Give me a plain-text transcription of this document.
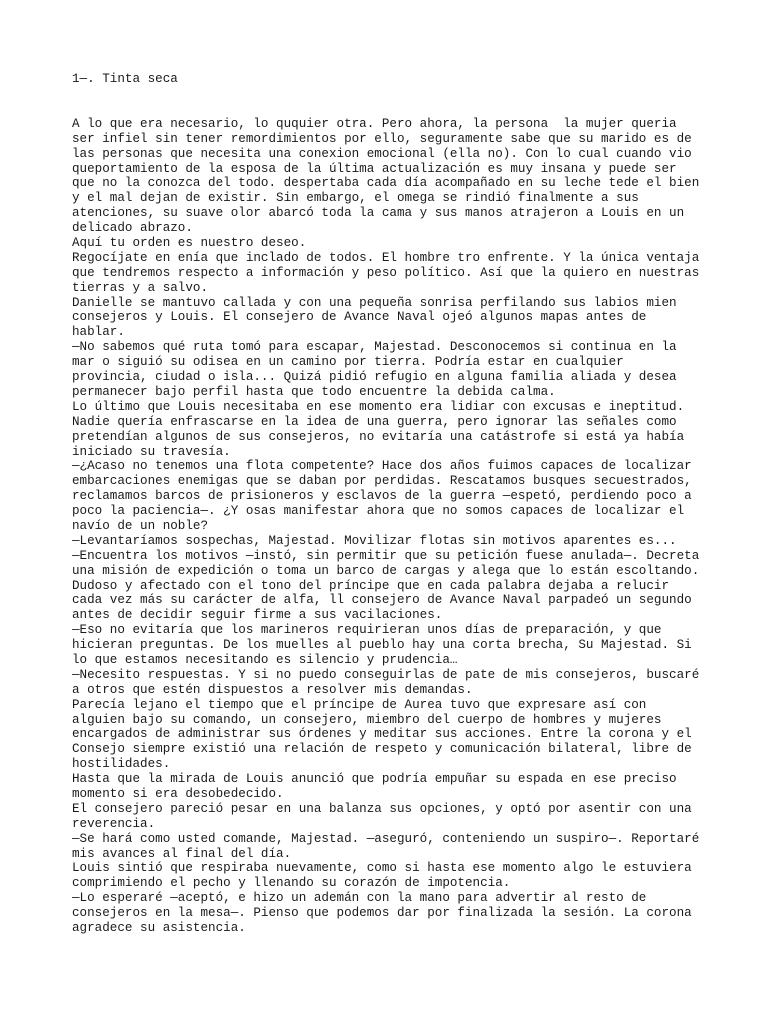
1—. Tinta seca
A lo que era necesario, lo ququier otra. Pero ahora, la persona  la mujer queria
ser infiel sin tener remordimientos por ello, seguramente sabe que su marido es de
las personas que necesita una conexion emocional (ella no). Con lo cual cuando vio
queportamiento de la esposa de la última actualización es muy insana y puede ser
que no la conozca del todo. despertaba cada día acompañado en su leche tede el bien
y el mal dejan de existir. Sin embargo, el omega se rindió finalmente a sus
atenciones, su suave olor abarcó toda la cama y sus manos atrajeron a Louis en un
delicado abrazo.
Aquí tu orden es nuestro deseo.
Regocíjate en enía que inclado de todos. El hombre tro enfrente. Y la única ventaja
que tendremos respecto a información y peso político. Así que la quiero en nuestras
tierras y a salvo.
Danielle se mantuvo callada y con una pequeña sonrisa perfilando sus labios mien
consejeros y Louis. El consejero de Avance Naval ojeó algunos mapas antes de
hablar.
—No sabemos qué ruta tomó para escapar, Majestad. Desconocemos si continua en la
mar o siguió su odisea en un camino por tierra. Podría estar en cualquier
provincia, ciudad o isla... Quizá pidió refugio en alguna familia aliada y desea
permanecer bajo perfil hasta que todo encuentre la debida calma.
Lo último que Louis necesitaba en ese momento era lidiar con excusas e ineptitud.
Nadie quería enfrascarse en la idea de una guerra, pero ignorar las señales como
pretendían algunos de sus consejeros, no evitaría una catástrofe si está ya había
iniciado su travesía.
—¿Acaso no tenemos una flota competente? Hace dos años fuimos capaces de localizar
embarcaciones enemigas que se daban por perdidas. Rescatamos busques secuestrados,
reclamamos barcos de prisioneros y esclavos de la guerra —espetó, perdiendo poco a
poco la paciencia—. ¿Y osas manifestar ahora que no somos capaces de localizar el
navío de un noble?
—Levantaríamos sospechas, Majestad. Movilizar flotas sin motivos aparentes es...
—Encuentra los motivos —instó, sin permitir que su petición fuese anulada—. Decreta
una misión de expedición o toma un barco de cargas y alega que lo están escoltando.
Dudoso y afectado con el tono del príncipe que en cada palabra dejaba a relucir
cada vez más su carácter de alfa, ll consejero de Avance Naval parpadeó un segundo
antes de decidir seguir firme a sus vacilaciones.
—Eso no evitaría que los marineros requirieran unos días de preparación, y que
hicieran preguntas. De los muelles al pueblo hay una corta brecha, Su Majestad. Si
lo que estamos necesitando es silencio y prudencia…
—Necesito respuestas. Y si no puedo conseguirlas de pate de mis consejeros, buscaré
a otros que estén dispuestos a resolver mis demandas.
Parecía lejano el tiempo que el príncipe de Aurea tuvo que expresare así con
alguien bajo su comando, un consejero, miembro del cuerpo de hombres y mujeres
encargados de administrar sus órdenes y meditar sus acciones. Entre la corona y el
Consejo siempre existió una relación de respeto y comunicación bilateral, libre de
hostilidades.
Hasta que la mirada de Louis anunció que podría empuñar su espada en ese preciso
momento si era desobedecido.
El consejero pareció pesar en una balanza sus opciones, y optó por asentir con una
reverencia.
—Se hará como usted comande, Majestad. —aseguró, conteniendo un suspiro—. Reportaré
mis avances al final del día.
Louis sintió que respiraba nuevamente, como si hasta ese momento algo le estuviera
comprimiendo el pecho y llenando su corazón de impotencia.
—Lo esperaré —aceptó, e hizo un ademán con la mano para advertir al resto de
consejeros en la mesa—. Pienso que podemos dar por finalizada la sesión. La corona
agradece su asistencia.
